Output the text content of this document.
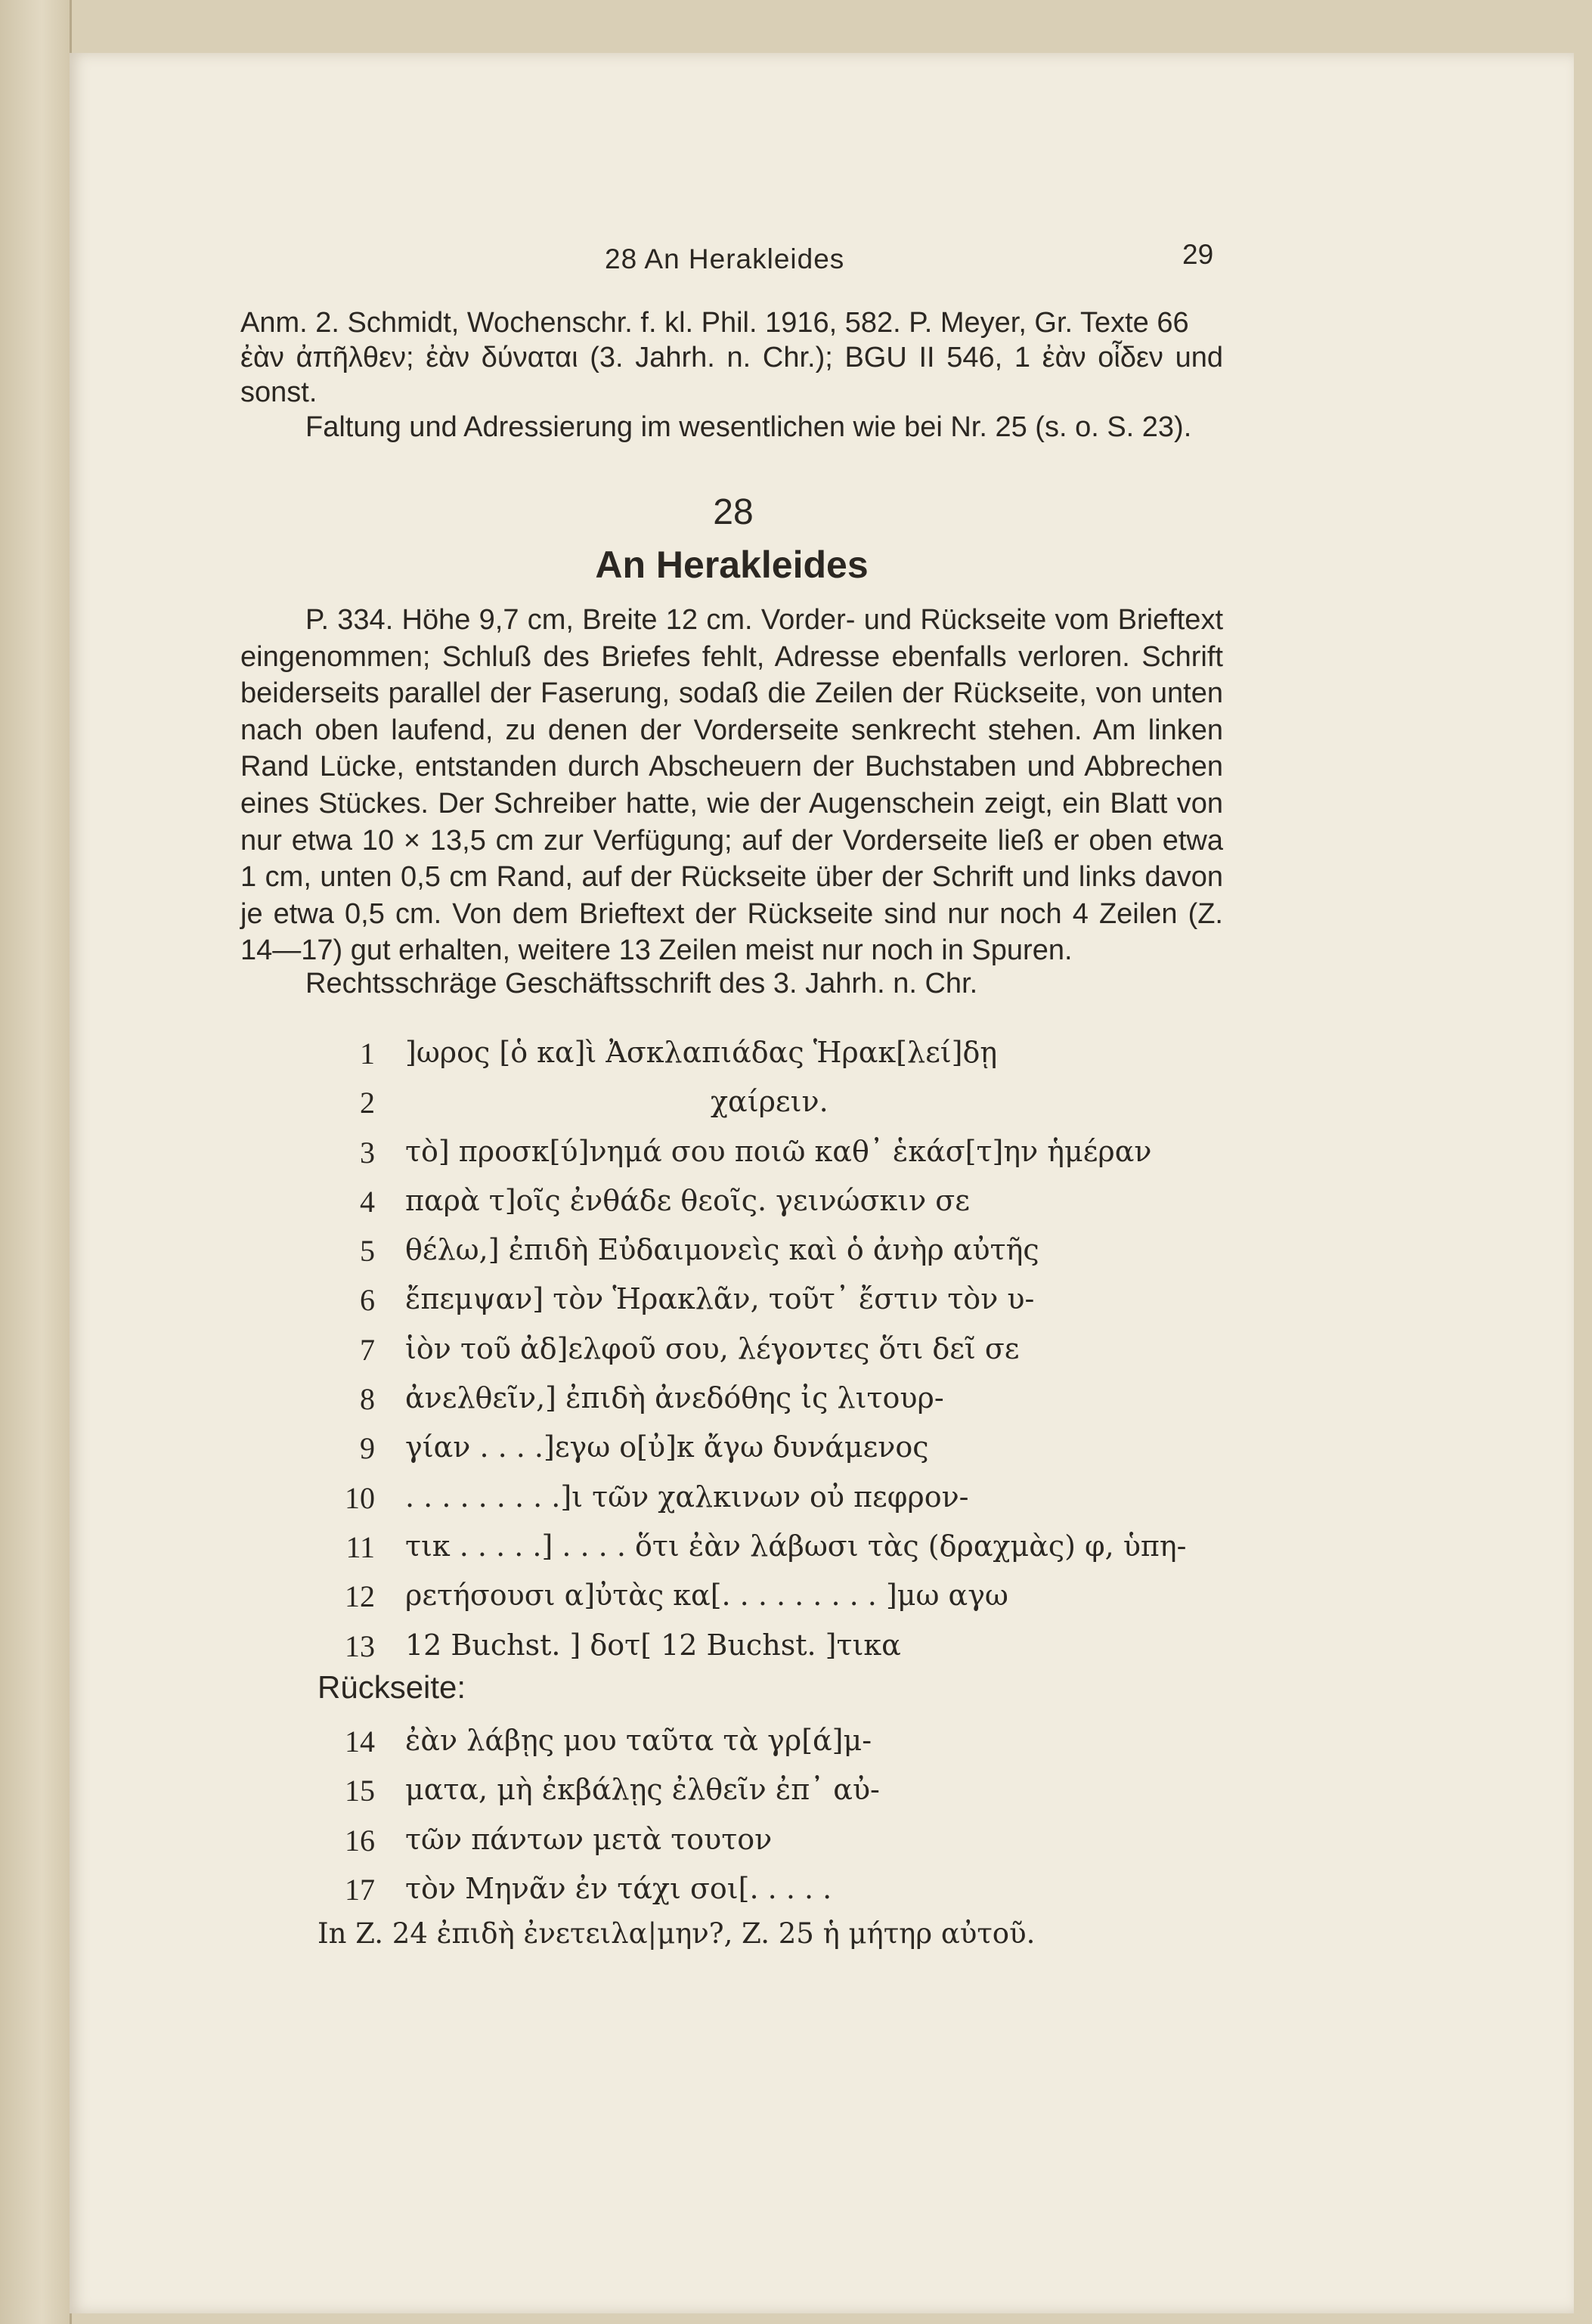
28 An Herakleides	29
Anm. 2. Schmidt, Wochenschr. f. kl. Phil. 1916, 582. P. Meyer, Gr. Texte 66
ἐὰν ἀπῆλθεν; ἐὰν δύναται (3. Jahrh. n. Chr.); BGU II 546, 1 ἐὰν οἶδεν und sonst.
Faltung und Adressierung im wesentlichen wie bei Nr. 25 (s. o. S. 23).
28
An Herakleides
P. 334. Höhe 9,7 cm, Breite 12 cm. Vorder- und Rückseite vom Brieftext eingenommen; Schluß des Briefes fehlt, Adresse ebenfalls verloren. Schrift beiderseits parallel der Faserung, sodaß die Zeilen der Rückseite, von unten nach oben laufend, zu denen der Vorderseite senkrecht stehen. Am linken Rand Lücke, entstanden durch Abscheuern der Buchstaben und Abbrechen eines Stückes. Der Schreiber hatte, wie der Augenschein zeigt, ein Blatt von nur etwa 10 × 13,5 cm zur Verfügung; auf der Vorderseite ließ er oben etwa 1 cm, unten 0,5 cm Rand, auf der Rückseite über der Schrift und links davon je etwa 0,5 cm. Von dem Brieftext der Rückseite sind nur noch 4 Zeilen (Z. 14—17) gut erhalten, weitere 13 Zeilen meist nur noch in Spuren.
Rechtsschräge Geschäftsschrift des 3. Jahrh. n. Chr.
1 ]ωρος [ὁ κα]ὶ Ἀσκλαπιάδας Ἡρακ[λεί]δῃ
2	χαίρειν.
3 τὸ] προσκ[ύ]νημά σου ποιῶ καθ᾽ ἑκάσ[τ]ην ἡμέραν
4 παρὰ τ]οῖς ἐνθάδε θεοῖς. γεινώσκιν σε
5 θέλω,] ἐπιδὴ Εὐδαιμονεὶς καὶ ὁ ἀνὴρ αὐτῆς
6 ἔπεμψαν] τὸν Ἡρακλᾶν, τοῦτ᾽ ἔστιν τὸν υ-
7 ἱὸν τοῦ ἀδ]ελφοῦ σου, λέγοντες ὅτι δεῖ σε
8 ἀνελθεῖν,] ἐπιδὴ ἀνεδόθης ἰς λιτουρ-
9 γίαν . . . .]εγω ο[ὐ]κ ἄγω δυνάμενος
10 . . . . . . . . .]ι τῶν χαλκινων οὐ πεφρον-
11 τικ . . . . .] . . . . ὅτι ἐὰν λάβωσι τὰς (δραχμὰς) φ, ὑπη-
12 ρετήσουσι α]ὐτὰς κα[. . . . . . . . . ]μω αγω
13 12 Buchst. ] δοτ[ 12 Buchst. ]τικα
Rückseite:
14 ἐὰν λάβῃς μου ταῦτα τὰ γρ[ά]μ-
15 ματα, μὴ ἐκβάλῃς ἐλθεῖν ἐπ᾽ αὐ-
16 τῶν πάντων μετὰ τουτον
17 τὸν Μηνᾶν ἐν τάχι σοι[. . . . .
In Z. 24 ἐπιδὴ ἐνετειλα|μην?, Z. 25 ἡ μήτηρ αὐτοῦ.
